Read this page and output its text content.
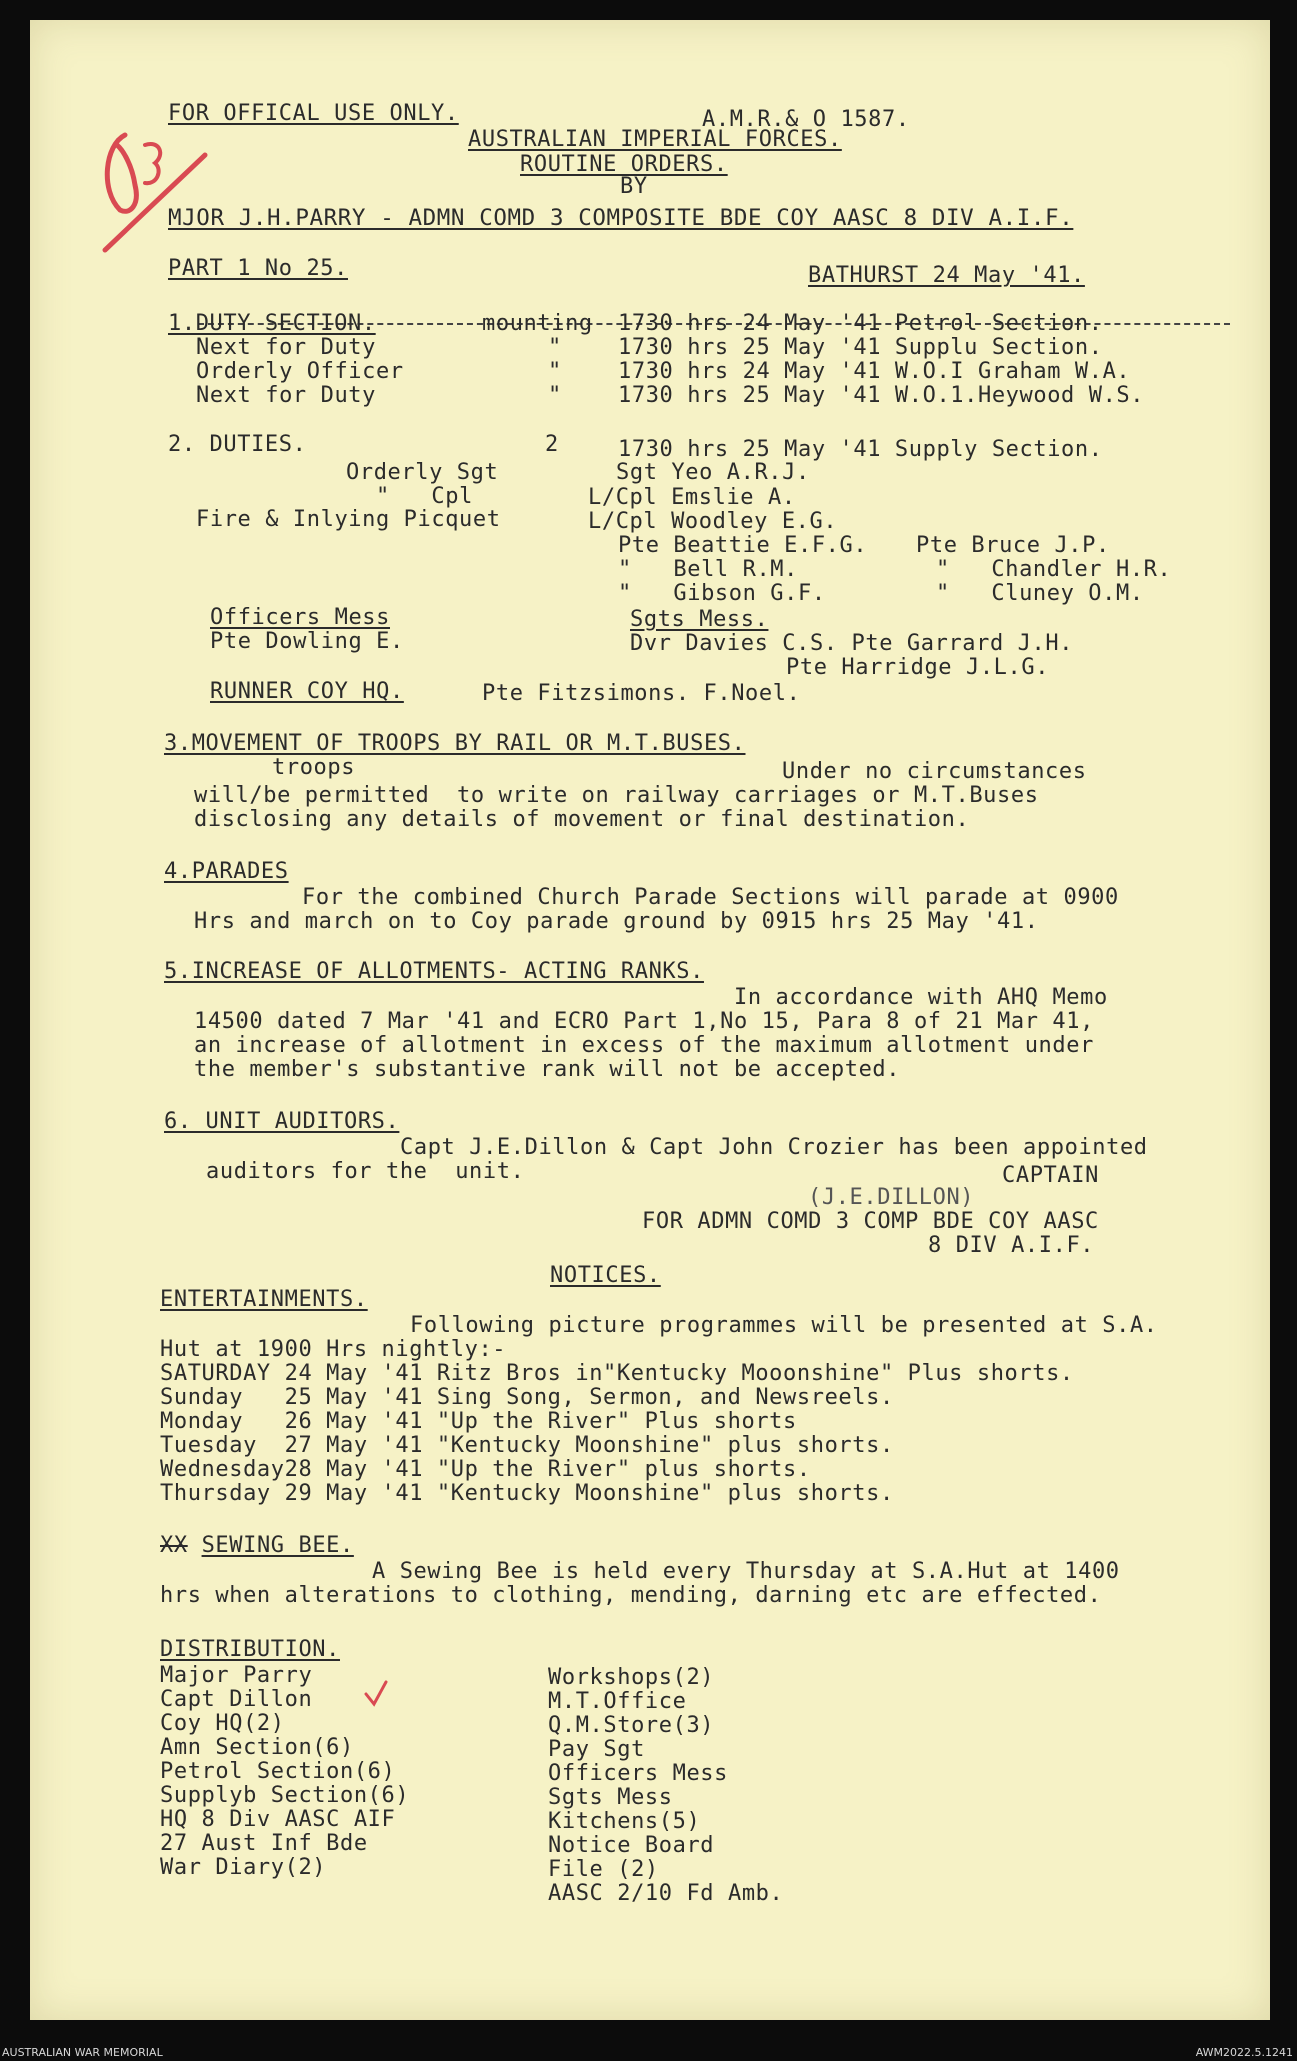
FOR OFFICAL USE ONLY.	A.M.R.& O 1587.
AUSTRALIAN IMPERIAL FORCES.
ROUTINE ORDERS.
BY
MJOR J.H.PARRY - ADMN COMD 3 COMPOSITE BDE COY AASC 8 DIV A.I.F.
PART 1 No 25.	BATHURST 24 May '41.
1.DUTY SECTION.	mounting 1730 hrs 24 May '41 Petrol Section.
Next for Duty	"	1730 hrs 25 May '41 Supplu Section.
Orderly Officer	"	1730 hrs 24 May '41 W.O.I Graham W.A.
Next for Duty	"	1730 hrs 25 May '41 W.O.1.Heywood W.S.
2. DUTIES.	2	1730 hrs 25 May '41 Supply Section.
Orderly Sgt	Sgt Yeo A.R.J.
"   Cpl	L/Cpl Emslie A.
Fire & Inlying Picquet	L/Cpl Woodley E.G.
Pte Beattie E.F.G. Pte Bruce J.P.
"   Bell R.M.	"   Chandler H.R.
"   Gibson G.F.	"   Cluney O.M.
Officers Mess	Sgts Mess.
Pte Dowling E.	Dvr Davies C.S. Pte Garrard J.H.
Pte Harridge J.L.G.
RUNNER COY HQ.	Pte Fitzsimons. F.Noel.
3.MOVEMENT OF TROOPS BY RAIL OR M.T.BUSES.
troops	Under no circumstances
will/be permitted  to write on railway carriages or M.T.Buses
disclosing any details of movement or final destination.
4.PARADES
For the combined Church Parade Sections will parade at 0900
Hrs and march on to Coy parade ground by 0915 hrs 25 May '41.
5.INCREASE OF ALLOTMENTS- ACTING RANKS.
In accordance with AHQ Memo
14500 dated 7 Mar '41 and ECRO Part 1,No 15, Para 8 of 21 Mar 41,
an increase of allotment in excess of the maximum allotment under
the member's substantive rank will not be accepted.
6. UNIT AUDITORS.
Capt J.E.Dillon & Capt John Crozier has been appointed
auditors for the  unit.	CAPTAIN
(J.E.DILLON)
FOR ADMN COMD 3 COMP BDE COY AASC
8 DIV A.I.F.
NOTICES.
ENTERTAINMENTS.
Following picture programmes will be presented at S.A.
Hut at 1900 Hrs nightly:-
SATURDAY 24 May '41 Ritz Bros in"Kentucky Mooonshine" Plus shorts.
Sunday   25 May '41 Sing Song, Sermon, and Newsreels.
Monday   26 May '41 "Up the River" Plus shorts
Tuesday  27 May '41 "Kentucky Moonshine" plus shorts.
Wednesday28 May '41 "Up the River" plus shorts.
Thursday 29 May '41 "Kentucky Moonshine" plus shorts.
XX SEWING BEE.
A Sewing Bee is held every Thursday at S.A.Hut at 1400
hrs when alterations to clothing, mending, darning etc are effected.
DISTRIBUTION.
Major Parry
Capt Dillon
Coy HQ(2)
Amn Section(6)
Petrol Section(6)
Supplyb Section(6)
HQ 8 Div AASC AIF
27 Aust Inf Bde
War Diary(2)
Workshops(2)
M.T.Office
Q.M.Store(3)
Pay Sgt
Officers Mess
Sgts Mess
Kitchens(5)
Notice Board
File (2)
AASC 2/10 Fd Amb.
AUSTRALIAN WAR MEMORIAL	AWM2022.5.1241
